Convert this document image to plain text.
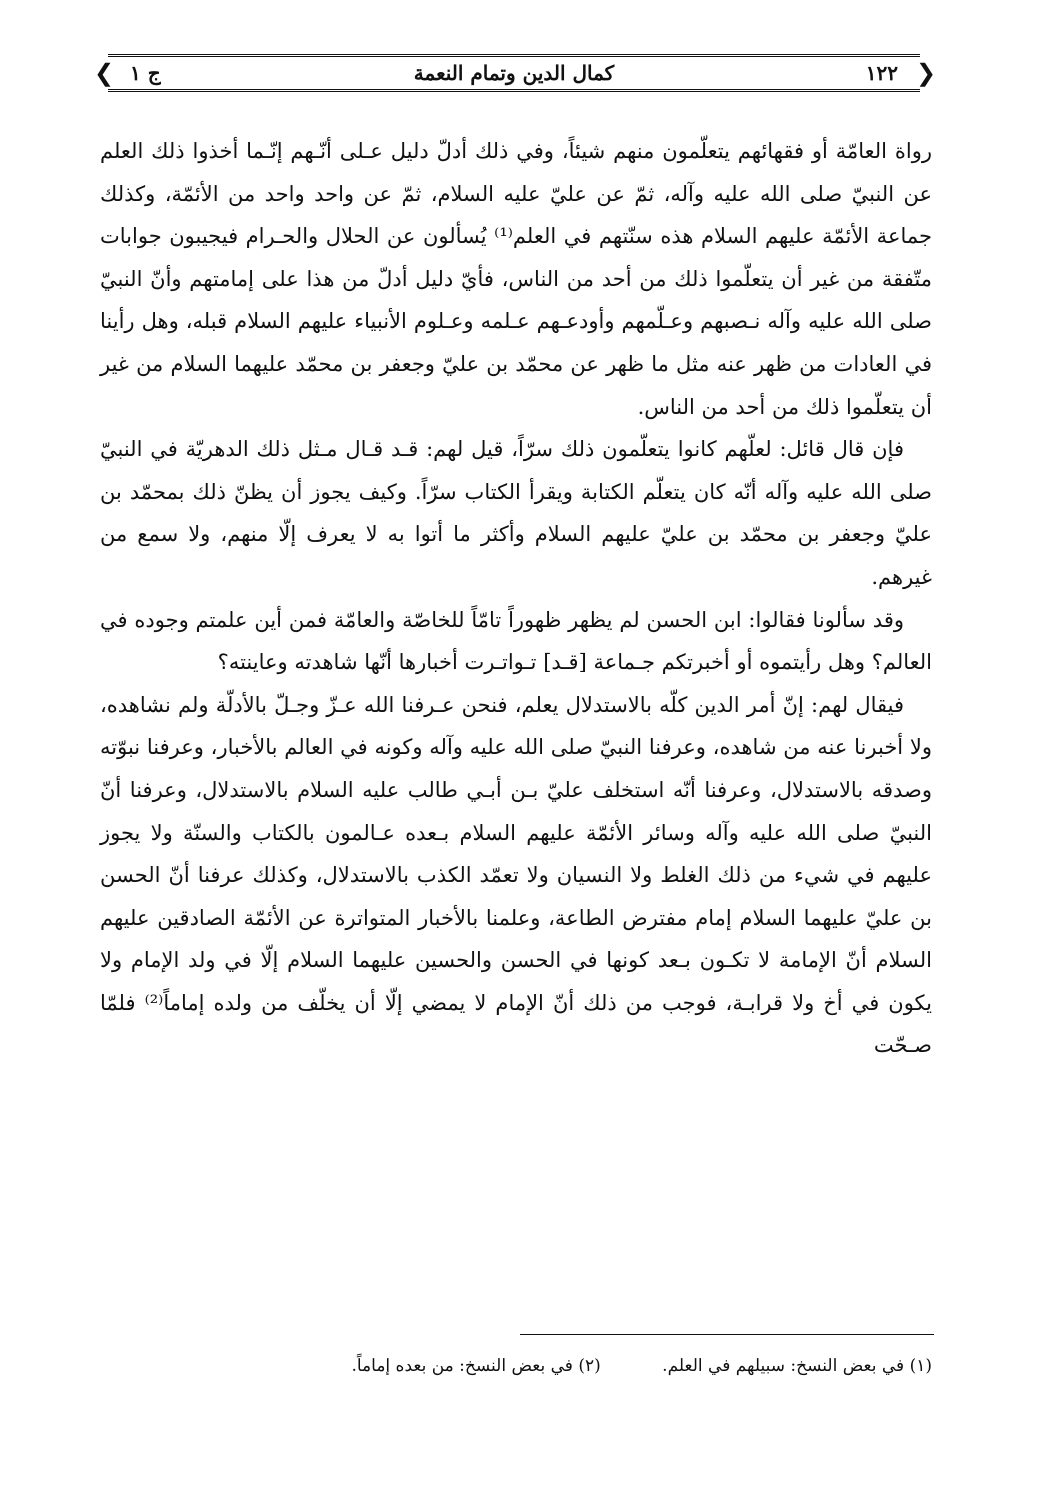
❮	❯
ج ١	كمال الدين وتمام النعمة	١٢٢

رواة العامّة أو فقهائهم يتعلّمون منهم شيئاً، وفي ذلك أدلّ دليل عـلى أنّـهم إنّـما أخذوا ذلك العلم عن النبيّ صلى الله عليه وآله، ثمّ عن عليّ عليه السلام، ثمّ عن واحد واحد من الأئمّة، وكذلك جماعة الأئمّة عليهم السلام هذه سنّتهم في العلم⁽¹⁾ يُسألون عن الحلال والحـرام فيجيبون جوابات متّفقة من غير أن يتعلّموا ذلك من أحد من الناس، فأيّ دليل أدلّ من هذا على إمامتهم وأنّ النبيّ صلى الله عليه وآله نـصبهم وعـلّمهم وأودعـهم عـلمه وعـلوم الأنبياء عليهم السلام قبله، وهل رأينا في العادات من ظهر عنه مثل ما ظهر عن محمّد بن عليّ وجعفر بن محمّد عليهما السلام من غير أن يتعلّموا ذلك من أحد من الناس.

فإن قال قائل: لعلّهم كانوا يتعلّمون ذلك سرّاً، قيل لهم: قـد قـال مـثل ذلك الدهريّة في النبيّ صلى الله عليه وآله أنّه كان يتعلّم الكتابة ويقرأ الكتاب سرّاً. وكيف يجوز أن يظنّ ذلك بمحمّد بن عليّ وجعفر بن محمّد بن عليّ عليهم السلام وأكثر ما أتوا به لا يعرف إلّا منهم، ولا سمع من غيرهم.

وقد سألونا فقالوا: ابن الحسن لم يظهر ظهوراً تامّاً للخاصّة والعامّة فمن أين علمتم وجوده في العالم؟ وهل رأيتموه أو أخبرتكم جـماعة [قـد] تـواتـرت أخبارها أنّها شاهدته وعاينته؟

فيقال لهم: إنّ أمر الدين كلّه بالاستدلال يعلم، فنحن عـرفنا الله عـزّ وجـلّ بالأدلّة ولم نشاهده، ولا أخبرنا عنه من شاهده، وعرفنا النبيّ صلى الله عليه وآله وكونه في العالم بالأخبار، وعرفنا نبوّته وصدقه بالاستدلال، وعرفنا أنّه استخلف عليّ بـن أبـي طالب عليه السلام بالاستدلال، وعرفنا أنّ النبيّ صلى الله عليه وآله وسائر الأئمّة عليهم السلام بـعده عـالمون بالكتاب والسنّة ولا يجوز عليهم في شيء من ذلك الغلط ولا النسيان ولا تعمّد الكذب بالاستدلال، وكذلك عرفنا أنّ الحسن بن عليّ عليهما السلام إمام مفترض الطاعة، وعلمنا بالأخبار المتواترة عن الأئمّة الصادقين عليهم السلام أنّ الإمامة لا تكـون بـعد كونها في الحسن والحسين عليهما السلام إلّا في ولد الإمام ولا يكون في أخ ولا قرابـة، فوجب من ذلك أنّ الإمام لا يمضي إلّا أن يخلّف من ولده إماماً⁽²⁾ فلمّا صـحّت

(١) في بعض النسخ: سبيلهم في العلم. (٢) في بعض النسخ: من بعده إماماً.
